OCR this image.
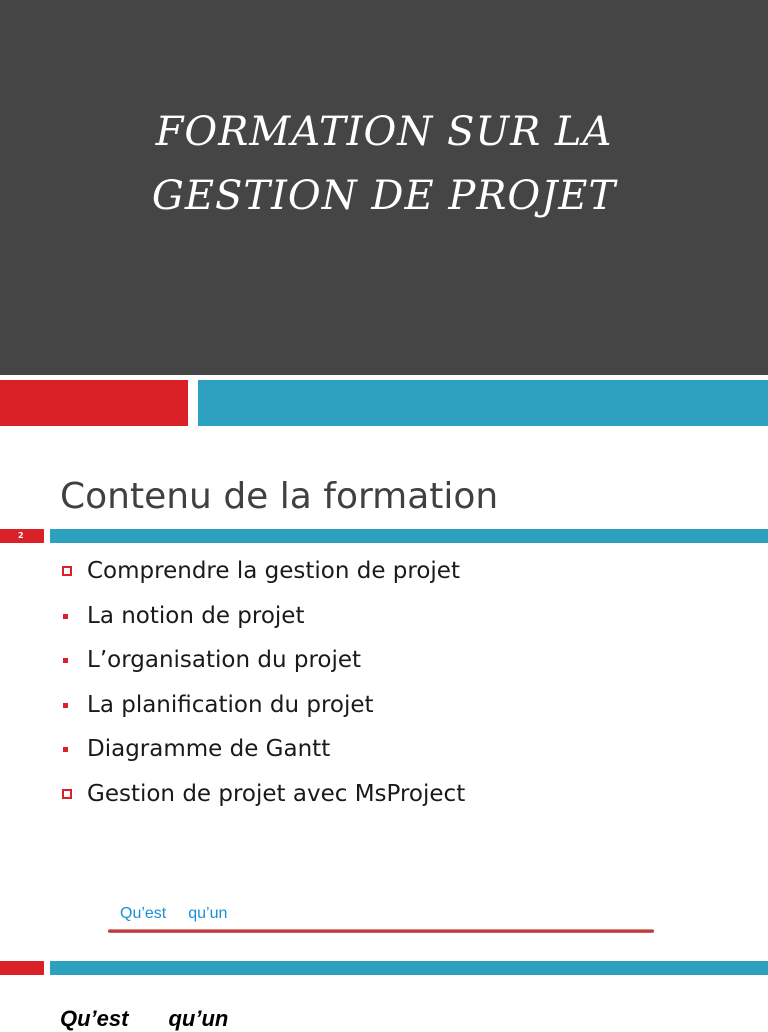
FORMATION SUR LA
GESTION DE PROJET
Contenu de la formation
2
Comprendre la gestion de projet
La notion de projet
L’organisation du projet
La planification du projet
Diagramme de Gantt
Gestion de projet avec MsProject
Qu’est qu’un
Qu’est qu’un
